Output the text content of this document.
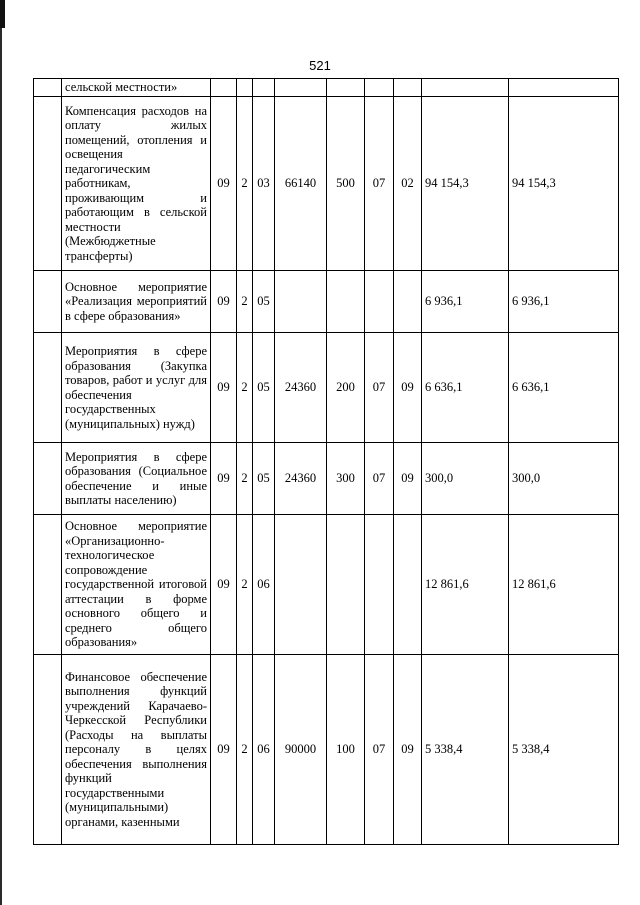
521

	сельской местности»									

	Компенсация расходов на оплату жилых помещений, отопления и освещения педагогическим работникам, проживающим и работающим в сельской местности (Межбюджетные трансферты)	09	2	03	66140	500	07	02	94 154,3	94 154,3

	Основное мероприятие «Реализация мероприятий в сфере образования»	09	2	05					6 936,1	6 936,1

	Мероприятия в сфере образования (Закупка товаров, работ и услуг для обеспечения государственных (муниципальных) нужд)	09	2	05	24360	200	07	09	6 636,1	6 636,1

	Мероприятия в сфере образования (Социальное обеспечение и иные выплаты населению)	09	2	05	24360	300	07	09	300,0	300,0

	Основное мероприятие «Организационно-технологическое сопровождение государственной итоговой аттестации в форме основного общего и среднего общего образования»	09	2	06					12 861,6	12 861,6

	Финансовое обеспечение выполнения функций учреждений Карачаево-Черкесской Республики (Расходы на выплаты персоналу в целях обеспечения выполнения функций государственными (муниципальными) органами, казенными	09	2	06	90000	100	07	09	5 338,4	5 338,4
